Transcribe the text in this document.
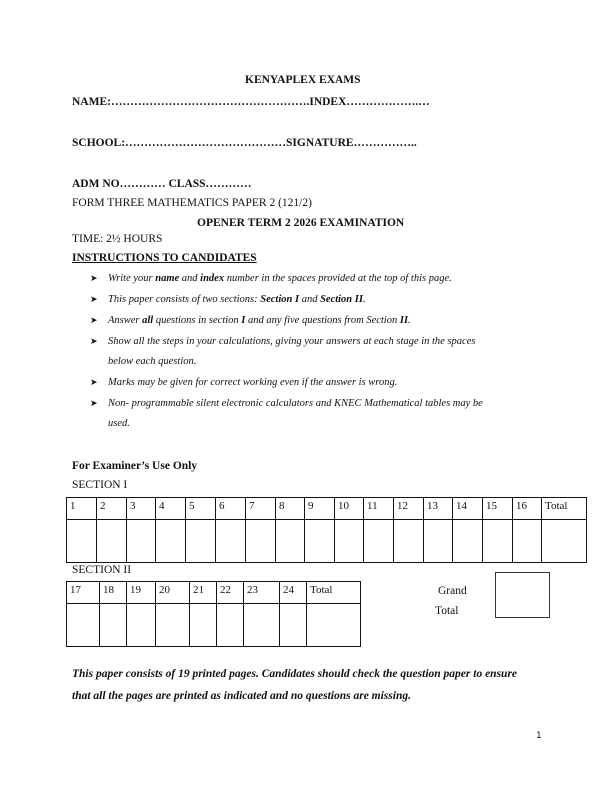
KENYAPLEX EXAMS
NAME:…………………………………………….INDEX……………….…
SCHOOL:……………………………………SIGNATURE……………..
ADM NO………… CLASS…………
FORM THREE MATHEMATICS PAPER 2 (121/2)
OPENER TERM 2 2026 EXAMINATION
TIME: 2½ HOURS
INSTRUCTIONS TO CANDIDATES
➤ Write your name and index number in the spaces provided at the top of this page.
➤ This paper consists of two sections: Section I and Section II.
➤ Answer all questions in section I and any five questions from Section II.
➤ Show all the steps in your calculations, giving your answers at each stage in the spaces
below each question.
➤ Marks may be given for correct working even if the answer is wrong.
➤ Non- programmable silent electronic calculators and KNEC Mathematical tables may be
used.
For Examiner’s Use Only
SECTION I
1	2	3	4	5	6	7	8	9	10	11	12	13	14	15	16	Total

SECTION II
17	18	19	20	21	22	23	24	Total
									Grand
Total
This paper consists of 19 printed pages. Candidates should check the question paper to ensure
that all the pages are printed as indicated and no questions are missing.
1
